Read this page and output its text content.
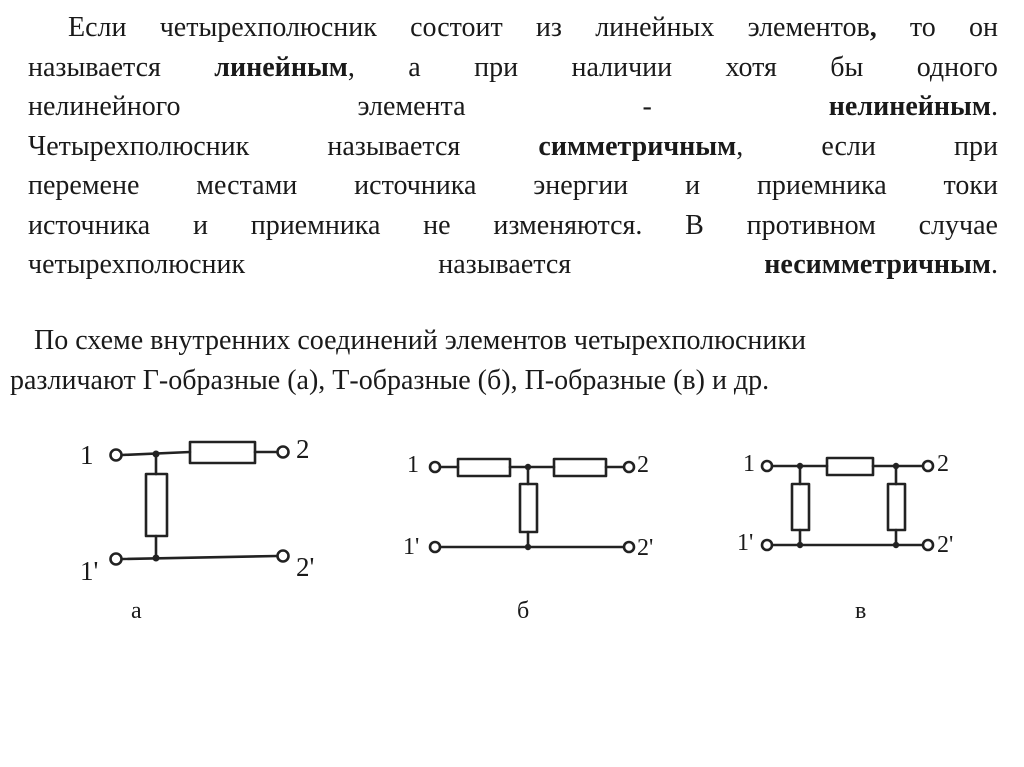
Если четырехполюсник состоит из линейных элементов, то он
называется линейным, а при наличии хотя бы одного
нелинейного	элемента	-	нелинейным.
Четырехполюсник	называется	симметричным,	если	при
перемене местами источника энергии и приемника токи
источника и приемника не изменяются. В противном случае
четырехполюсник	называется	несимметричным.
По схеме внутренних соединений элементов четырехполюсники
различают Г-образные (а), Т-образные (б), П-образные (в) и др.
1	2
1'	2'
а
1	2
1'	2'
б
1	2
1'	2'
в
